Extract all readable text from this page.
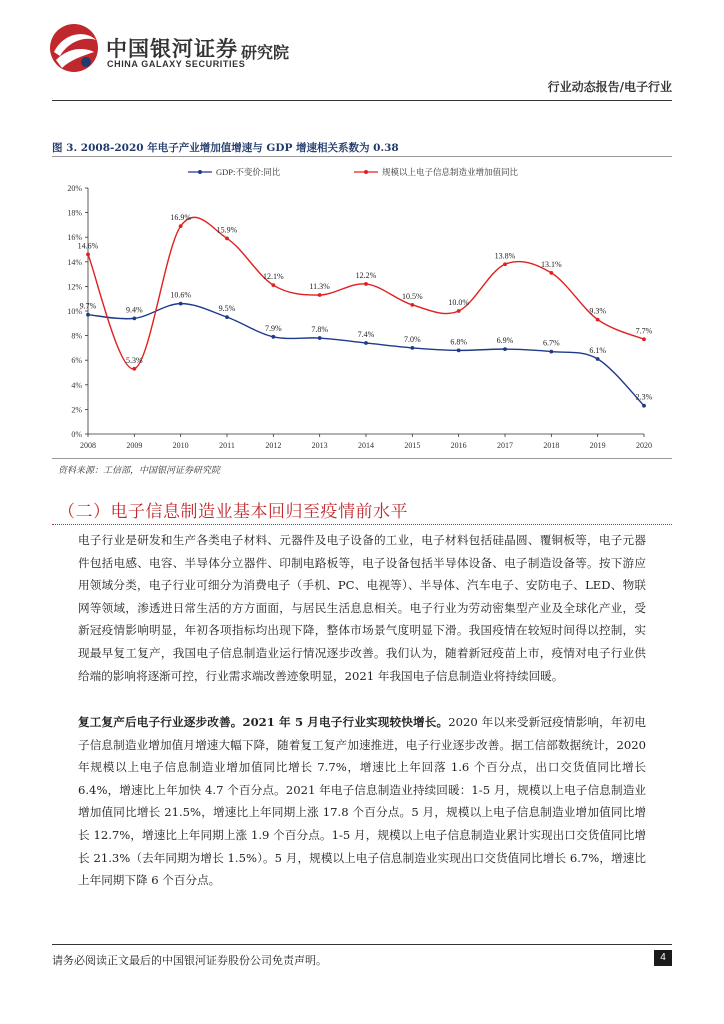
中国银河证券
CHINA GALAXY SECURITIES
研究院
行业动态报告/电子行业
图 3. 2008-2020 年电子产业增加值增速与 GDP 增速相关系数为 0.38
GDP:不变价:同比	规模以上电子信息制造业增加值同比
0%
2%
4%
6%
8%
10%
12%
14%
16%
18%
20%
2008	2009	2010	2011	2012	2013	2014	2015	2016	2017	2018	2019	2020
9.7%	9.4%
10.6%
9.5%
7.9%	7.8%
7.4%
7.0%	6.8%	6.9%	6.7%
6.1%
2.3%
14.6%
5.3%
16.9%
15.9%
12.1%
11.3%
12.2%
10.5%
10.0%
13.8%
13.1%
9.3%
7.7%
资料来源：工信部，中国银河证券研究院
（二）电子信息制造业基本回归至疫情前水平
电子行业是研发和生产各类电子材料、元器件及电子设备的工业，电子材料包括硅晶圆、覆铜板等，电子元器件包括电感、电容、半导体分立器件、印制电路板等，电子设备包括半导体设备、电子制造设备等。按下游应用领域分类，电子行业可细分为消费电子（手机、PC、电视等）、半导体、汽车电子、安防电子、LED、物联网等领域，渗透进日常生活的方方面面，与居民生活息息相关。电子行业为劳动密集型产业及全球化产业，受新冠疫情影响明显，年初各项指标均出现下降，整体市场景气度明显下滑。我国疫情在较短时间得以控制，实现最早复工复产，我国电子信息制造业运行情况逐步改善。我们认为，随着新冠疫苗上市，疫情对电子行业供给端的影响将逐渐可控，行业需求端改善迹象明显，2021 年我国电子信息制造业将持续回暖。
复工复产后电子行业逐步改善。2021 年 5 月电子行业实现较快增长。2020 年以来受新冠疫情影响，年初电子信息制造业增加值月增速大幅下降，随着复工复产加速推进，电子行业逐步改善。据工信部数据统计，2020 年规模以上电子信息制造业增加值同比增长 7.7%，增速比上年回落 1.6 个百分点，出口交货值同比增长 6.4%，增速比上年加快 4.7 个百分点。2021 年电子信息制造业持续回暖：1-5 月，规模以上电子信息制造业增加值同比增长 21.5%，增速比上年同期上涨 17.8 个百分点。5 月，规模以上电子信息制造业增加值同比增长 12.7%，增速比上年同期上涨 1.9 个百分点。1-5 月，规模以上电子信息制造业累计实现出口交货值同比增长 21.3%（去年同期为增长 1.5%）。5 月，规模以上电子信息制造业实现出口交货值同比增长 6.7%，增速比上年同期下降 6 个百分点。
请务必阅读正文最后的中国银河证券股份公司免责声明。	4
